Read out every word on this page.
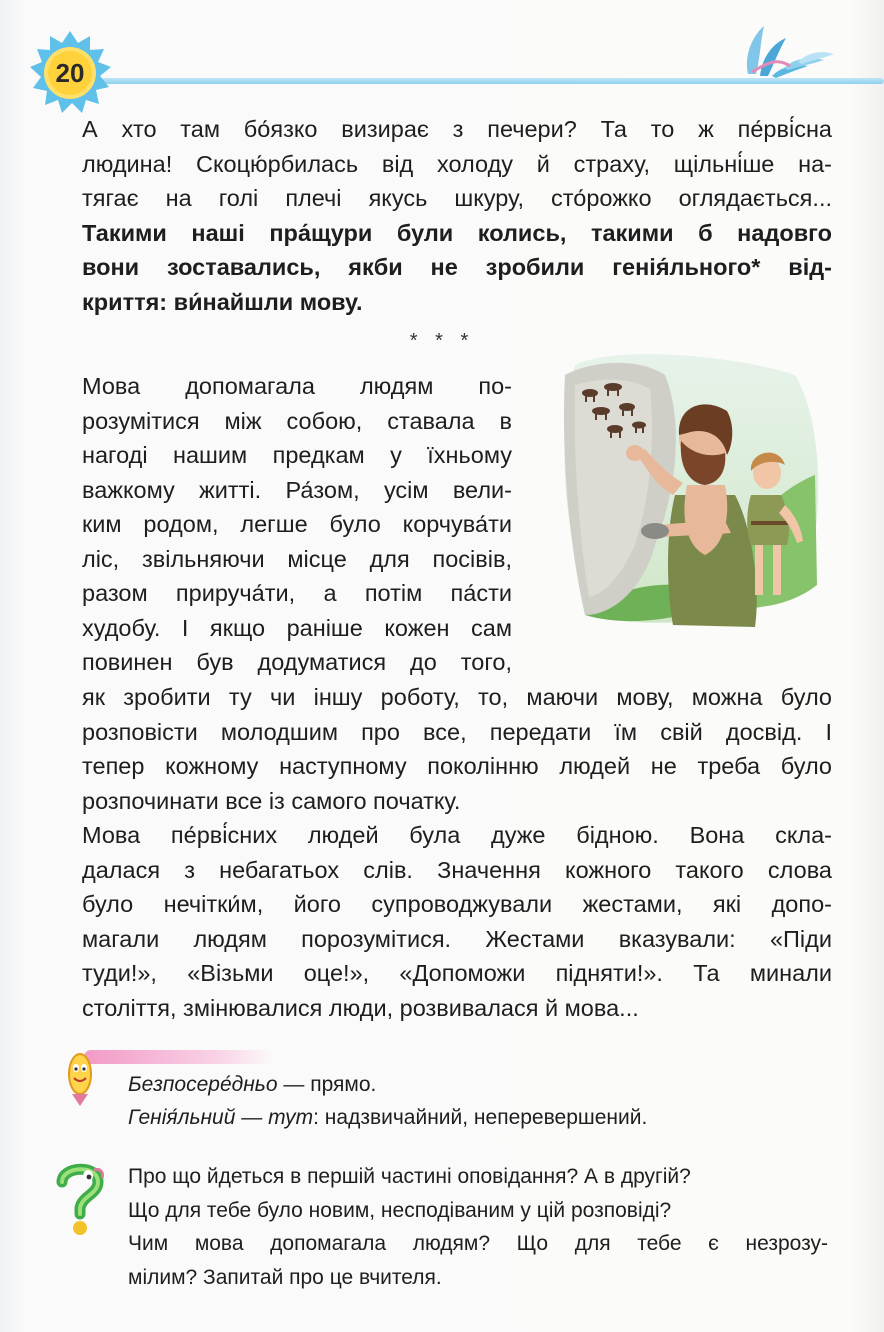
20
А хто там бо́язко визирає з печери? Та то ж пе́рві́сна
людина! Скоцю́рбилась від холоду й страху, щільні́ше на-
тягає на голі плечі якусь шкуру, сто́рожко оглядається...
Такими наші пра́щури були колись, такими б надовго
вони зоставались, якби не зробили генія́льного* від-
криття: ви́найшли мову.
* * *
Мова допомагала людям по-
розумітися між собою, ставала в
нагоді нашим предкам у їхньому
важкому житті. Ра́зом, усім вели-
ким родом, легше було корчува́ти
ліс, звільняючи місце для посівів,
разом прируча́ти, а потім па́сти
худобу. І якщо раніше кожен сам
повинен був додуматися до того,
як зробити ту чи іншу роботу, то, маючи мову, можна було
розповісти молодшим про все, передати їм свій досвід. І
тепер кожному наступному поколінню людей не треба було
розпочинати все із самого початку.
Мова пе́рві́сних людей була дуже бідною. Вона скла-
далася з небагатьох слів. Значення кожного такого слова
було нечітки́м, його супроводжували жестами, які допо-
магали людям порозумітися. Жестами вказували: «Піди
туди!», «Візьми оце!», «Допоможи підняти!». Та минали
століття, змінювалися люди, розвивалася й мова...
Безпосере́дньо — прямо.
Генія́льний — тут: надзвичайний, неперевершений.
Про що йдеться в першій частині оповідання? А в другій?
Що для тебе було новим, несподіваним у цій розповіді?
Чим мова допомагала людям? Що для тебе є незрозу-
мілим? Запитай про це вчителя.
